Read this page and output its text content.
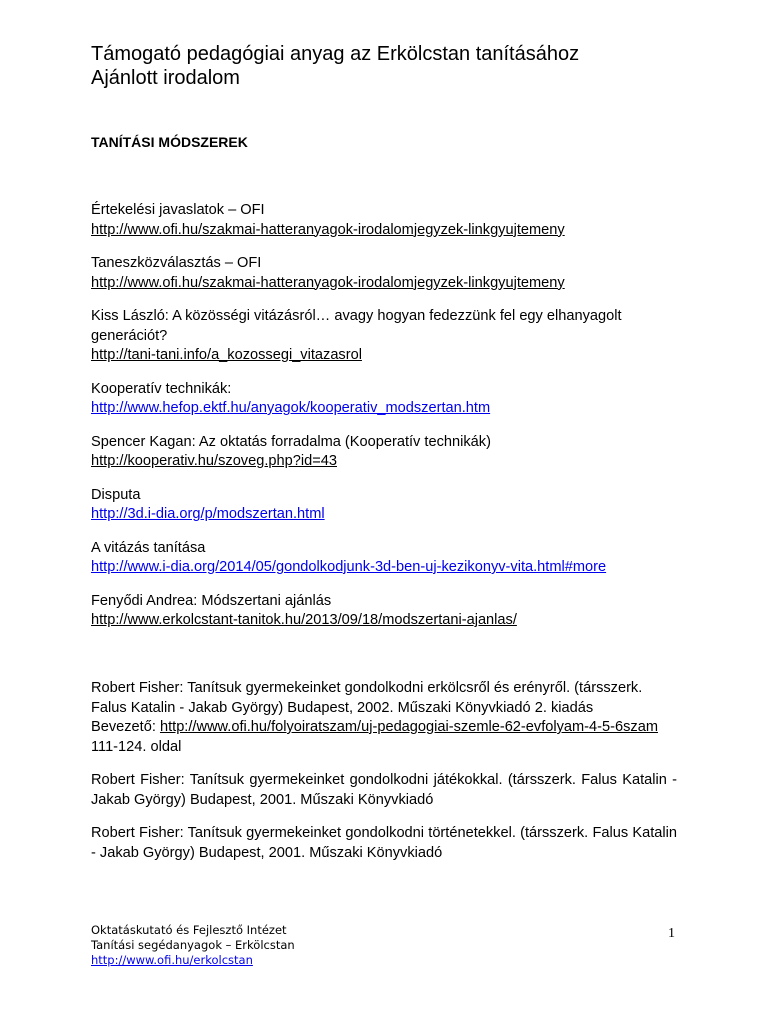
Támogató pedagógiai anyag az Erkölcstan tanításához
Ajánlott irodalom
TANÍTÁSI MÓDSZEREK
Értekelési javaslatok – OFI
http://www.ofi.hu/szakmai-hatteranyagok-irodalomjegyzek-linkgyujtemeny
Taneszközválasztás – OFI
http://www.ofi.hu/szakmai-hatteranyagok-irodalomjegyzek-linkgyujtemeny
Kiss László: A közösségi vitázásról… avagy hogyan fedezzünk fel egy elhanyagolt generációt?
http://tani-tani.info/a_kozossegi_vitazasrol
Kooperatív technikák:
http://www.hefop.ektf.hu/anyagok/kooperativ_modszertan.htm
Spencer Kagan: Az oktatás forradalma (Kooperatív technikák)
http://kooperativ.hu/szoveg.php?id=43
Disputa
http://3d.i-dia.org/p/modszertan.html
A vitázás tanítása
http://www.i-dia.org/2014/05/gondolkodjunk-3d-ben-uj-kezikonyv-vita.html#more
Fenyődi Andrea: Módszertani ajánlás
http://www.erkolcstant-tanitok.hu/2013/09/18/modszertani-ajanlas/
Robert Fisher: Tanítsuk gyermekeinket gondolkodni erkölcsről és erényről. (társszerk. Falus Katalin - Jakab György) Budapest, 2002. Műszaki Könyvkiadó 2. kiadás
Bevezető: http://www.ofi.hu/folyoiratszam/uj-pedagogiai-szemle-62-evfolyam-4-5-6szam 111-124. oldal
Robert Fisher: Tanítsuk gyermekeinket gondolkodni játékokkal. (társszerk. Falus Katalin - Jakab György) Budapest, 2001. Műszaki Könyvkiadó
Robert Fisher: Tanítsuk gyermekeinket gondolkodni történetekkel. (társszerk. Falus Katalin - Jakab György) Budapest, 2001. Műszaki Könyvkiadó
Oktatáskutató és Fejlesztő Intézet
Tanítási segédanyagok – Erkölcstan
http://www.ofi.hu/erkolcstan
1
